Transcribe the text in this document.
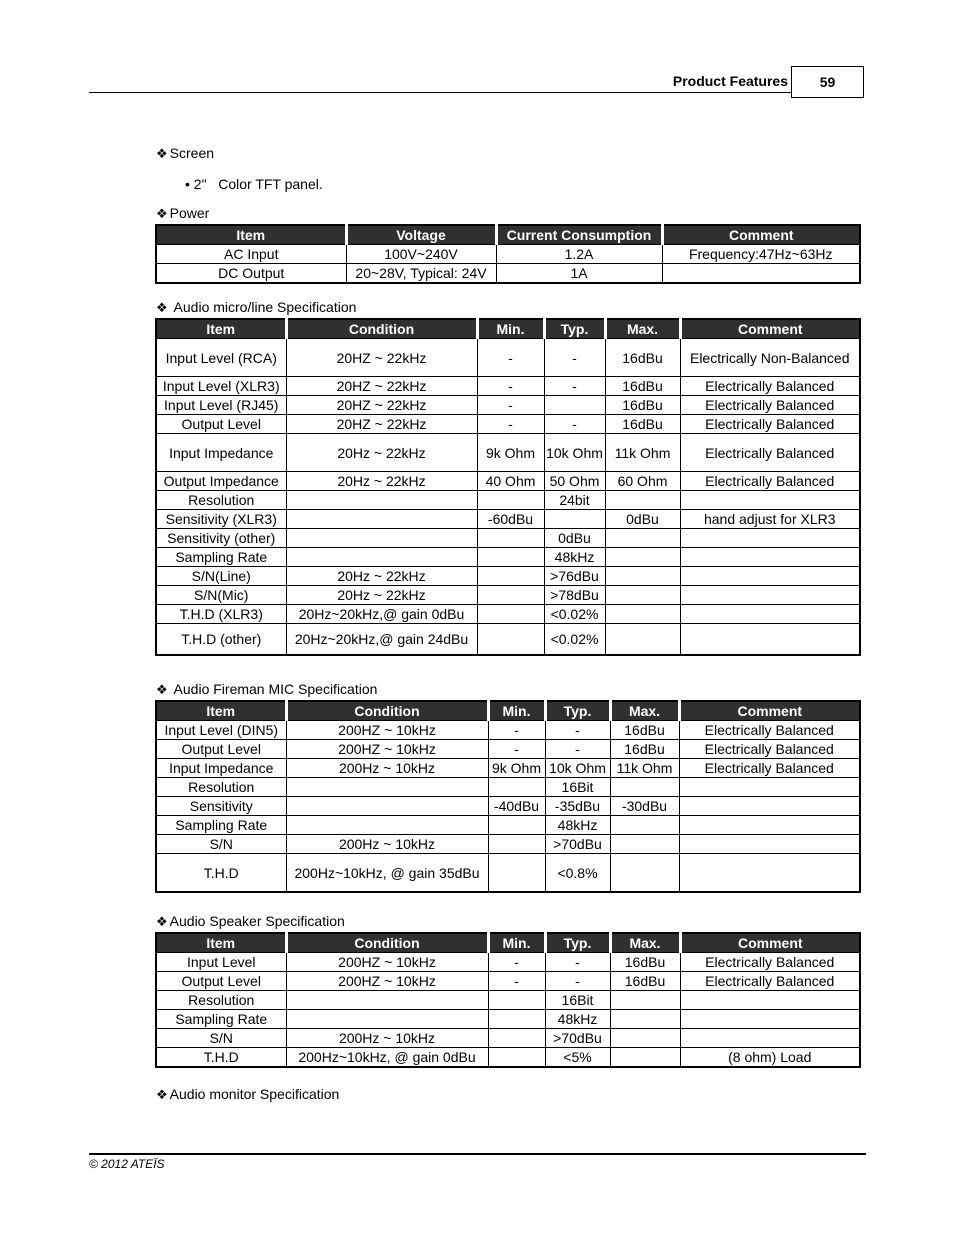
Product Features	59
❖ Screen
• 2"   Color TFT panel.
❖ Power
Item	Voltage	Current Consumption	Comment
AC Input	100V~240V	1.2A	Frequency:47Hz~63Hz
DC Output	20~28V, Typical: 24V	1A	
❖ Audio micro/line Specification
Item	Condition	Min.	Typ.	Max.	Comment
Input Level (RCA)	20HZ ~ 22kHz	-	-	16dBu	Electrically Non-Balanced
Input Level (XLR3)	20HZ ~ 22kHz	-	-	16dBu	Electrically Balanced
Input Level (RJ45)	20HZ ~ 22kHz	-		16dBu	Electrically Balanced
Output Level	20HZ ~ 22kHz	-	-	16dBu	Electrically Balanced
Input Impedance	20Hz ~ 22kHz	9k Ohm	10k Ohm	11k Ohm	Electrically Balanced
Output Impedance	20Hz ~ 22kHz	40 Ohm	50 Ohm	60 Ohm	Electrically Balanced
Resolution			24bit		
Sensitivity (XLR3)		-60dBu		0dBu	hand adjust for XLR3
Sensitivity (other)			0dBu		
Sampling Rate			48kHz		
S/N(Line)	20Hz ~ 22kHz		>76dBu		
S/N(Mic)	20Hz ~ 22kHz		>78dBu		
T.H.D (XLR3)	20Hz~20kHz,@ gain 0dBu		<0.02%		
T.H.D (other)	20Hz~20kHz,@ gain 24dBu		<0.02%		
❖ Audio Fireman MIC Specification
Item	Condition	Min.	Typ.	Max.	Comment
Input Level (DIN5)	200HZ ~ 10kHz	-	-	16dBu	Electrically Balanced
Output Level	200HZ ~ 10kHz	-	-	16dBu	Electrically Balanced
Input Impedance	200Hz ~ 10kHz	9k Ohm	10k Ohm	11k Ohm	Electrically Balanced
Resolution			16Bit		
Sensitivity		-40dBu	-35dBu	-30dBu	
Sampling Rate			48kHz		
S/N	200Hz ~ 10kHz		>70dBu		
T.H.D	200Hz~10kHz, @ gain 35dBu		<0.8%		
❖ Audio Speaker Specification
Item	Condition	Min.	Typ.	Max.	Comment
Input Level	200HZ ~ 10kHz	-	-	16dBu	Electrically Balanced
Output Level	200HZ ~ 10kHz	-	-	16dBu	Electrically Balanced
Resolution			16Bit		
Sampling Rate			48kHz		
S/N	200Hz ~ 10kHz		>70dBu		
T.H.D	200Hz~10kHz, @ gain 0dBu		<5%		(8 ohm) Load
❖ Audio monitor Specification
© 2012 ATEÏS
